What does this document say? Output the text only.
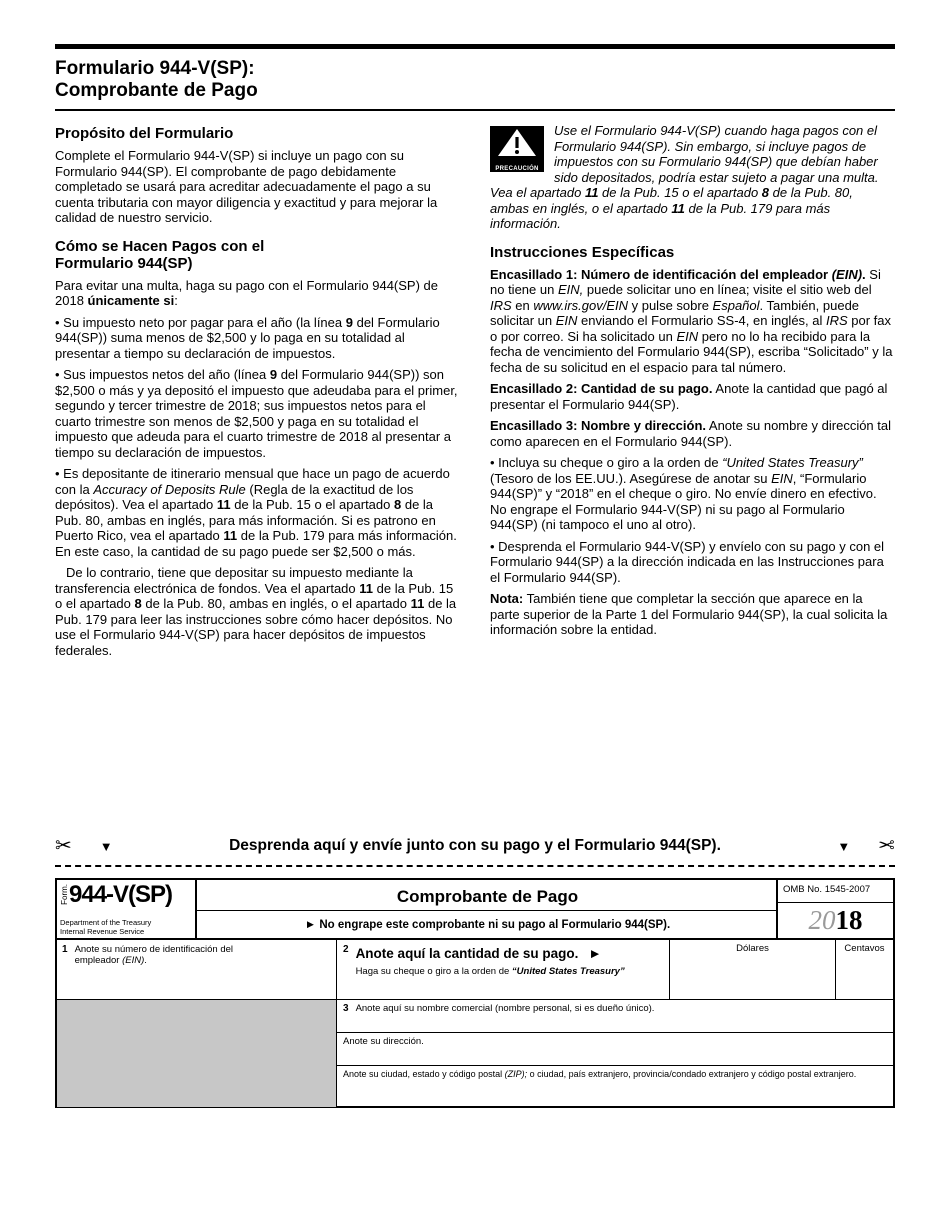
Formulario 944-V(SP):
Comprobante de Pago
Propósito del Formulario

Complete el Formulario 944-V(SP) si incluye un pago con su Formulario 944(SP). El comprobante de pago debidamente completado se usará para acreditar adecuadamente el pago a su cuenta tributaria con mayor diligencia y exactitud y para mejorar la calidad de nuestro servicio.

Cómo se Hacen Pagos con el
Formulario 944(SP)

Para evitar una multa, haga su pago con el Formulario 944(SP) de 2018 únicamente si:

• Su impuesto neto por pagar para el año (la línea 9 del Formulario 944(SP)) suma menos de $2,500 y lo paga en su totalidad al presentar a tiempo su declaración de impuestos.

• Sus impuestos netos del año (línea 9 del Formulario 944(SP)) son $2,500 o más y ya depositó el impuesto que adeudaba para el primer, segundo y tercer trimestre de 2018; sus impuestos netos para el cuarto trimestre son menos de $2,500 y paga en su totalidad el impuesto que adeuda para el cuarto trimestre de 2018 al presentar a tiempo su declaración de impuestos.

• Es depositante de itinerario mensual que hace un pago de acuerdo con la Accuracy of Deposits Rule (Regla de la exactitud de los depósitos). Vea el apartado 11 de la Pub. 15 o el apartado 8 de la Pub. 80, ambas en inglés, para más información. Si es patrono en Puerto Rico, vea el apartado 11 de la Pub. 179 para más información. En este caso, la cantidad de su pago puede ser $2,500 o más.

De lo contrario, tiene que depositar su impuesto mediante la transferencia electrónica de fondos. Vea el apartado 11 de la Pub. 15 o el apartado 8 de la Pub. 80, ambas en inglés, o el apartado 11 de la Pub. 179 para leer las instrucciones sobre cómo hacer depósitos. No use el Formulario 944-V(SP) para hacer depósitos de impuestos federales.

PRECAUCIÓN

Use el Formulario 944-V(SP) cuando haga pagos con el Formulario 944(SP). Sin embargo, si incluye pagos de impuestos con su Formulario 944(SP) que debían haber sido depositados, podría estar sujeto a pagar una multa. Vea el apartado 11 de la Pub. 15 o el apartado 8 de la Pub. 80, ambas en inglés, o el apartado 11 de la Pub. 179 para más información.

Instrucciones Específicas

Encasillado 1: Número de identificación del empleador (EIN). Si no tiene un EIN, puede solicitar uno en línea; visite el sitio web del IRS en www.irs.gov/EIN y pulse sobre Español. También, puede solicitar un EIN enviando el Formulario SS-4, en inglés, al IRS por fax o por correo. Si ha solicitado un EIN pero no lo ha recibido para la fecha de vencimiento del Formulario 944(SP), escriba “Solicitado” y la fecha de su solicitud en el espacio para tal número.

Encasillado 2: Cantidad de su pago. Anote la cantidad que pagó al presentar el Formulario 944(SP).

Encasillado 3: Nombre y dirección. Anote su nombre y dirección tal como aparecen en el Formulario 944(SP).

• Incluya su cheque o giro a la orden de “United States Treasury” (Tesoro de los EE.UU.). Asegúrese de anotar su EIN, “Formulario 944(SP)” y “2018” en el cheque o giro. No envíe dinero en efectivo. No engrape el Formulario 944-V(SP) ni su pago al Formulario 944(SP) (ni tampoco el uno al otro).

• Desprenda el Formulario 944-V(SP) y envíelo con su pago y con el Formulario 944(SP) a la dirección indicada en las Instrucciones para el Formulario 944(SP).

Nota: También tiene que completar la sección que aparece en la parte superior de la Parte 1 del Formulario 944(SP), la cual solicita la información sobre la entidad.

✂ ▼	Desprenda aquí y envíe junto con su pago y el Formulario 944(SP).	▼ ✂
Form. 944-V(SP)
Department of the Treasury
Internal Revenue Service
Comprobante de Pago
► No engrape este comprobante ni su pago al Formulario 944(SP).
OMB No. 1545-2007
2018
1 Anote su número de identificación del empleador (EIN).
2 Anote aquí la cantidad de su pago. ►
Haga su cheque o giro a la orden de “United States Treasury”
Dólares	Centavos
3 Anote aquí su nombre comercial (nombre personal, si es dueño único).
Anote su dirección.
Anote su ciudad, estado y código postal (ZIP); o ciudad, país extranjero, provincia/condado extranjero y código postal extranjero.
